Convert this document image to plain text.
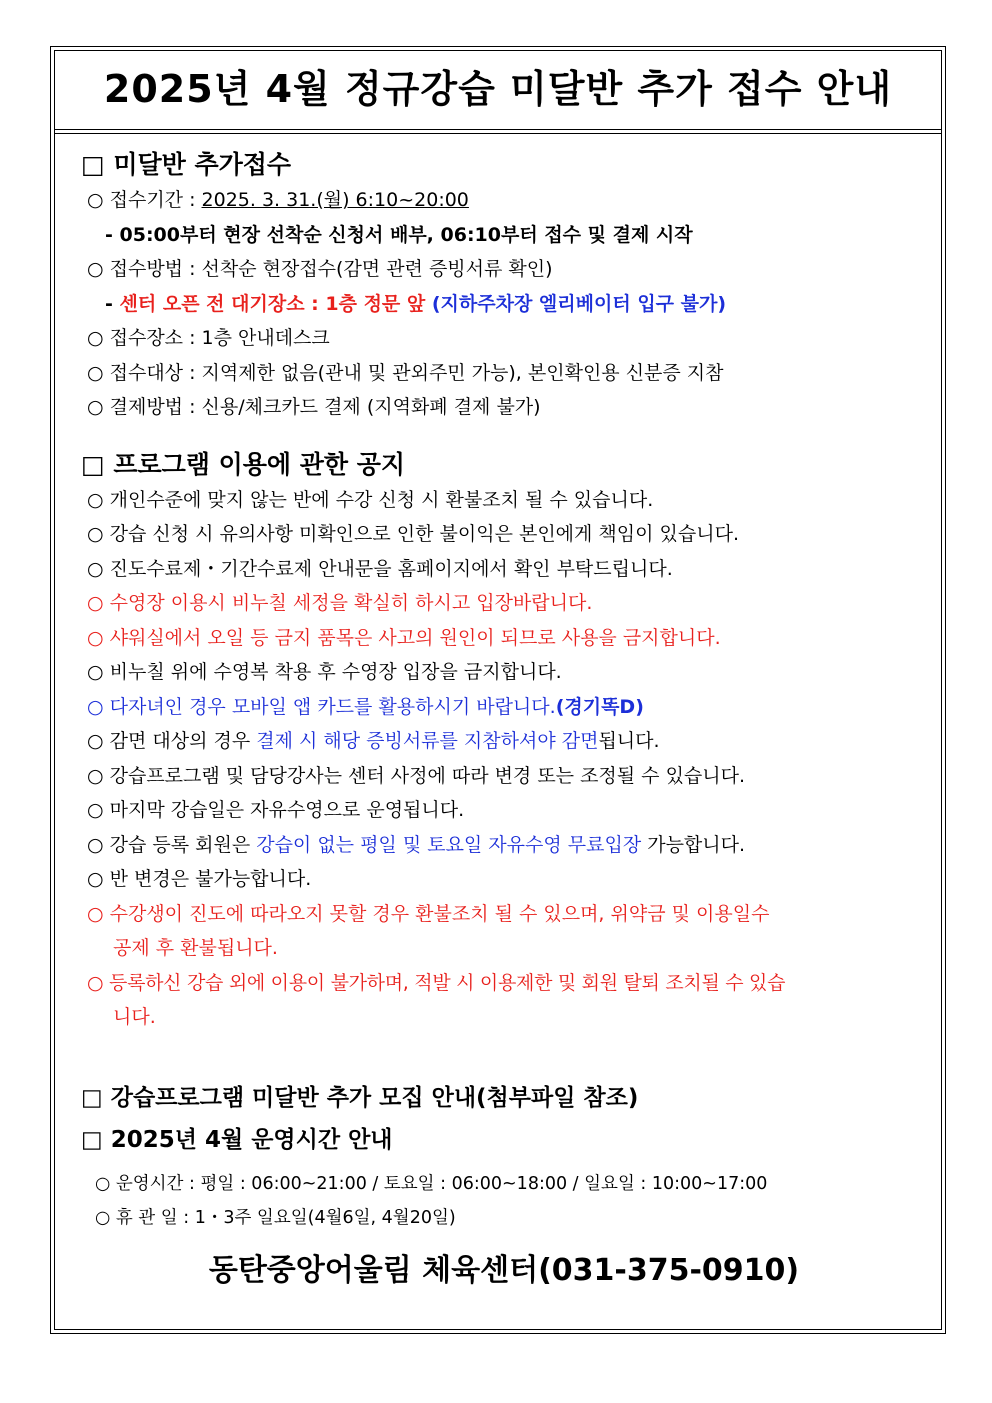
2025년 4월 정규강습 미달반 추가 접수 안내

□ 미달반 추가접수

○ 접수기간 : 2025. 3. 31.(월) 6:10~20:00

- 05:00부터 현장 선착순 신청서 배부, 06:10부터 접수 및 결제 시작

○ 접수방법 : 선착순 현장접수(감면 관련 증빙서류 확인)

- 센터 오픈 전 대기장소 : 1층 정문 앞 (지하주차장 엘리베이터 입구 불가)

○ 접수장소 : 1층 안내데스크

○ 접수대상 : 지역제한 없음(관내 및 관외주민 가능), 본인확인용 신분증 지참

○ 결제방법 : 신용/체크카드 결제 (지역화폐 결제 불가)

□ 프로그램 이용에 관한 공지

○ 개인수준에 맞지 않는 반에 수강 신청 시 환불조치 될 수 있습니다.

○ 강습 신청 시 유의사항 미확인으로 인한 불이익은 본인에게 책임이 있습니다.

○ 진도수료제・기간수료제 안내문을 홈페이지에서 확인 부탁드립니다.

○ 수영장 이용시 비누칠 세정을 확실히 하시고 입장바랍니다.

○ 샤워실에서 오일 등 금지 품목은 사고의 원인이 되므로 사용을 금지합니다.

○ 비누칠 위에 수영복 착용 후 수영장 입장을 금지합니다.

○ 다자녀인 경우 모바일 앱 카드를 활용하시기 바랍니다.(경기똑D)

○ 감면 대상의 경우 결제 시 해당 증빙서류를 지참하셔야 감면됩니다.

○ 강습프로그램 및 담당강사는 센터 사정에 따라 변경 또는 조정될 수 있습니다.

○ 마지막 강습일은 자유수영으로 운영됩니다.

○ 강습 등록 회원은 강습이 없는 평일 및 토요일 자유수영 무료입장 가능합니다.

○ 반 변경은 불가능합니다.

○ 수강생이 진도에 따라오지 못할 경우 환불조치 될 수 있으며, 위약금 및 이용일수

공제 후 환불됩니다.

○ 등록하신 강습 외에 이용이 불가하며, 적발 시 이용제한 및 회원 탈퇴 조치될 수 있습

니다.

□ 강습프로그램 미달반 추가 모집 안내(첨부파일 참조)

□ 2025년 4월 운영시간 안내

○ 운영시간 : 평일 : 06:00~21:00 / 토요일 : 06:00~18:00 / 일요일 : 10:00~17:00

○ 휴 관 일 : 1・3주 일요일(4월6일, 4월20일)

동탄중앙어울림 체육센터(031-375-0910)
